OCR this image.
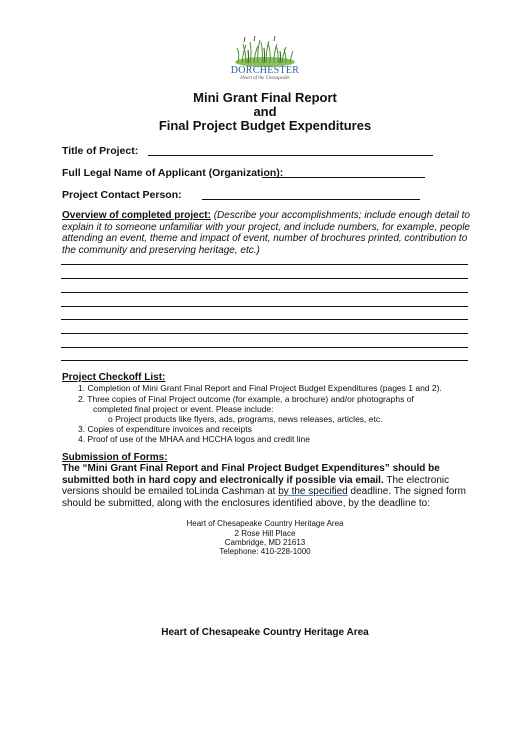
DORCHESTER
Heart of the Chesapeake
Mini Grant Final Report
and
Final Project Budget Expenditures
Title of Project:
Full Legal Name of Applicant (Organization):
Project Contact Person:
Overview of completed project: (Describe your accomplishments; include enough detail to explain it to someone unfamiliar with your project, and include numbers, for example, people attending an event, theme and impact of event, number of brochures printed, contribution to the community and preserving heritage, etc.)
Project Checkoff List:
1. Completion of Mini Grant Final Report and Final Project Budget Expenditures (pages 1 and 2).
2. Three copies of Final Project outcome (for example, a brochure) and/or photographs of
completed final project or event. Please include:
o Project products like flyers, ads, programs, news releases, articles, etc.
3. Copies of expenditure invoices and receipts
4. Proof of use of the MHAA and HCCHA logos and credit line
Submission of Forms:
The “Mini Grant Final Report and Final Project Budget Expenditures” should be submitted both in hard copy and electronically if possible via email. The electronic versions should be emailed toLinda Cashman at by the specified deadline. The signed form should be submitted, along with the enclosures identified above, by the deadline to:
Heart of Chesapeake Country Heritage Area
2 Rose Hill Place
Cambridge, MD 21613
Telephone: 410-228-1000
Heart of Chesapeake Country Heritage Area
